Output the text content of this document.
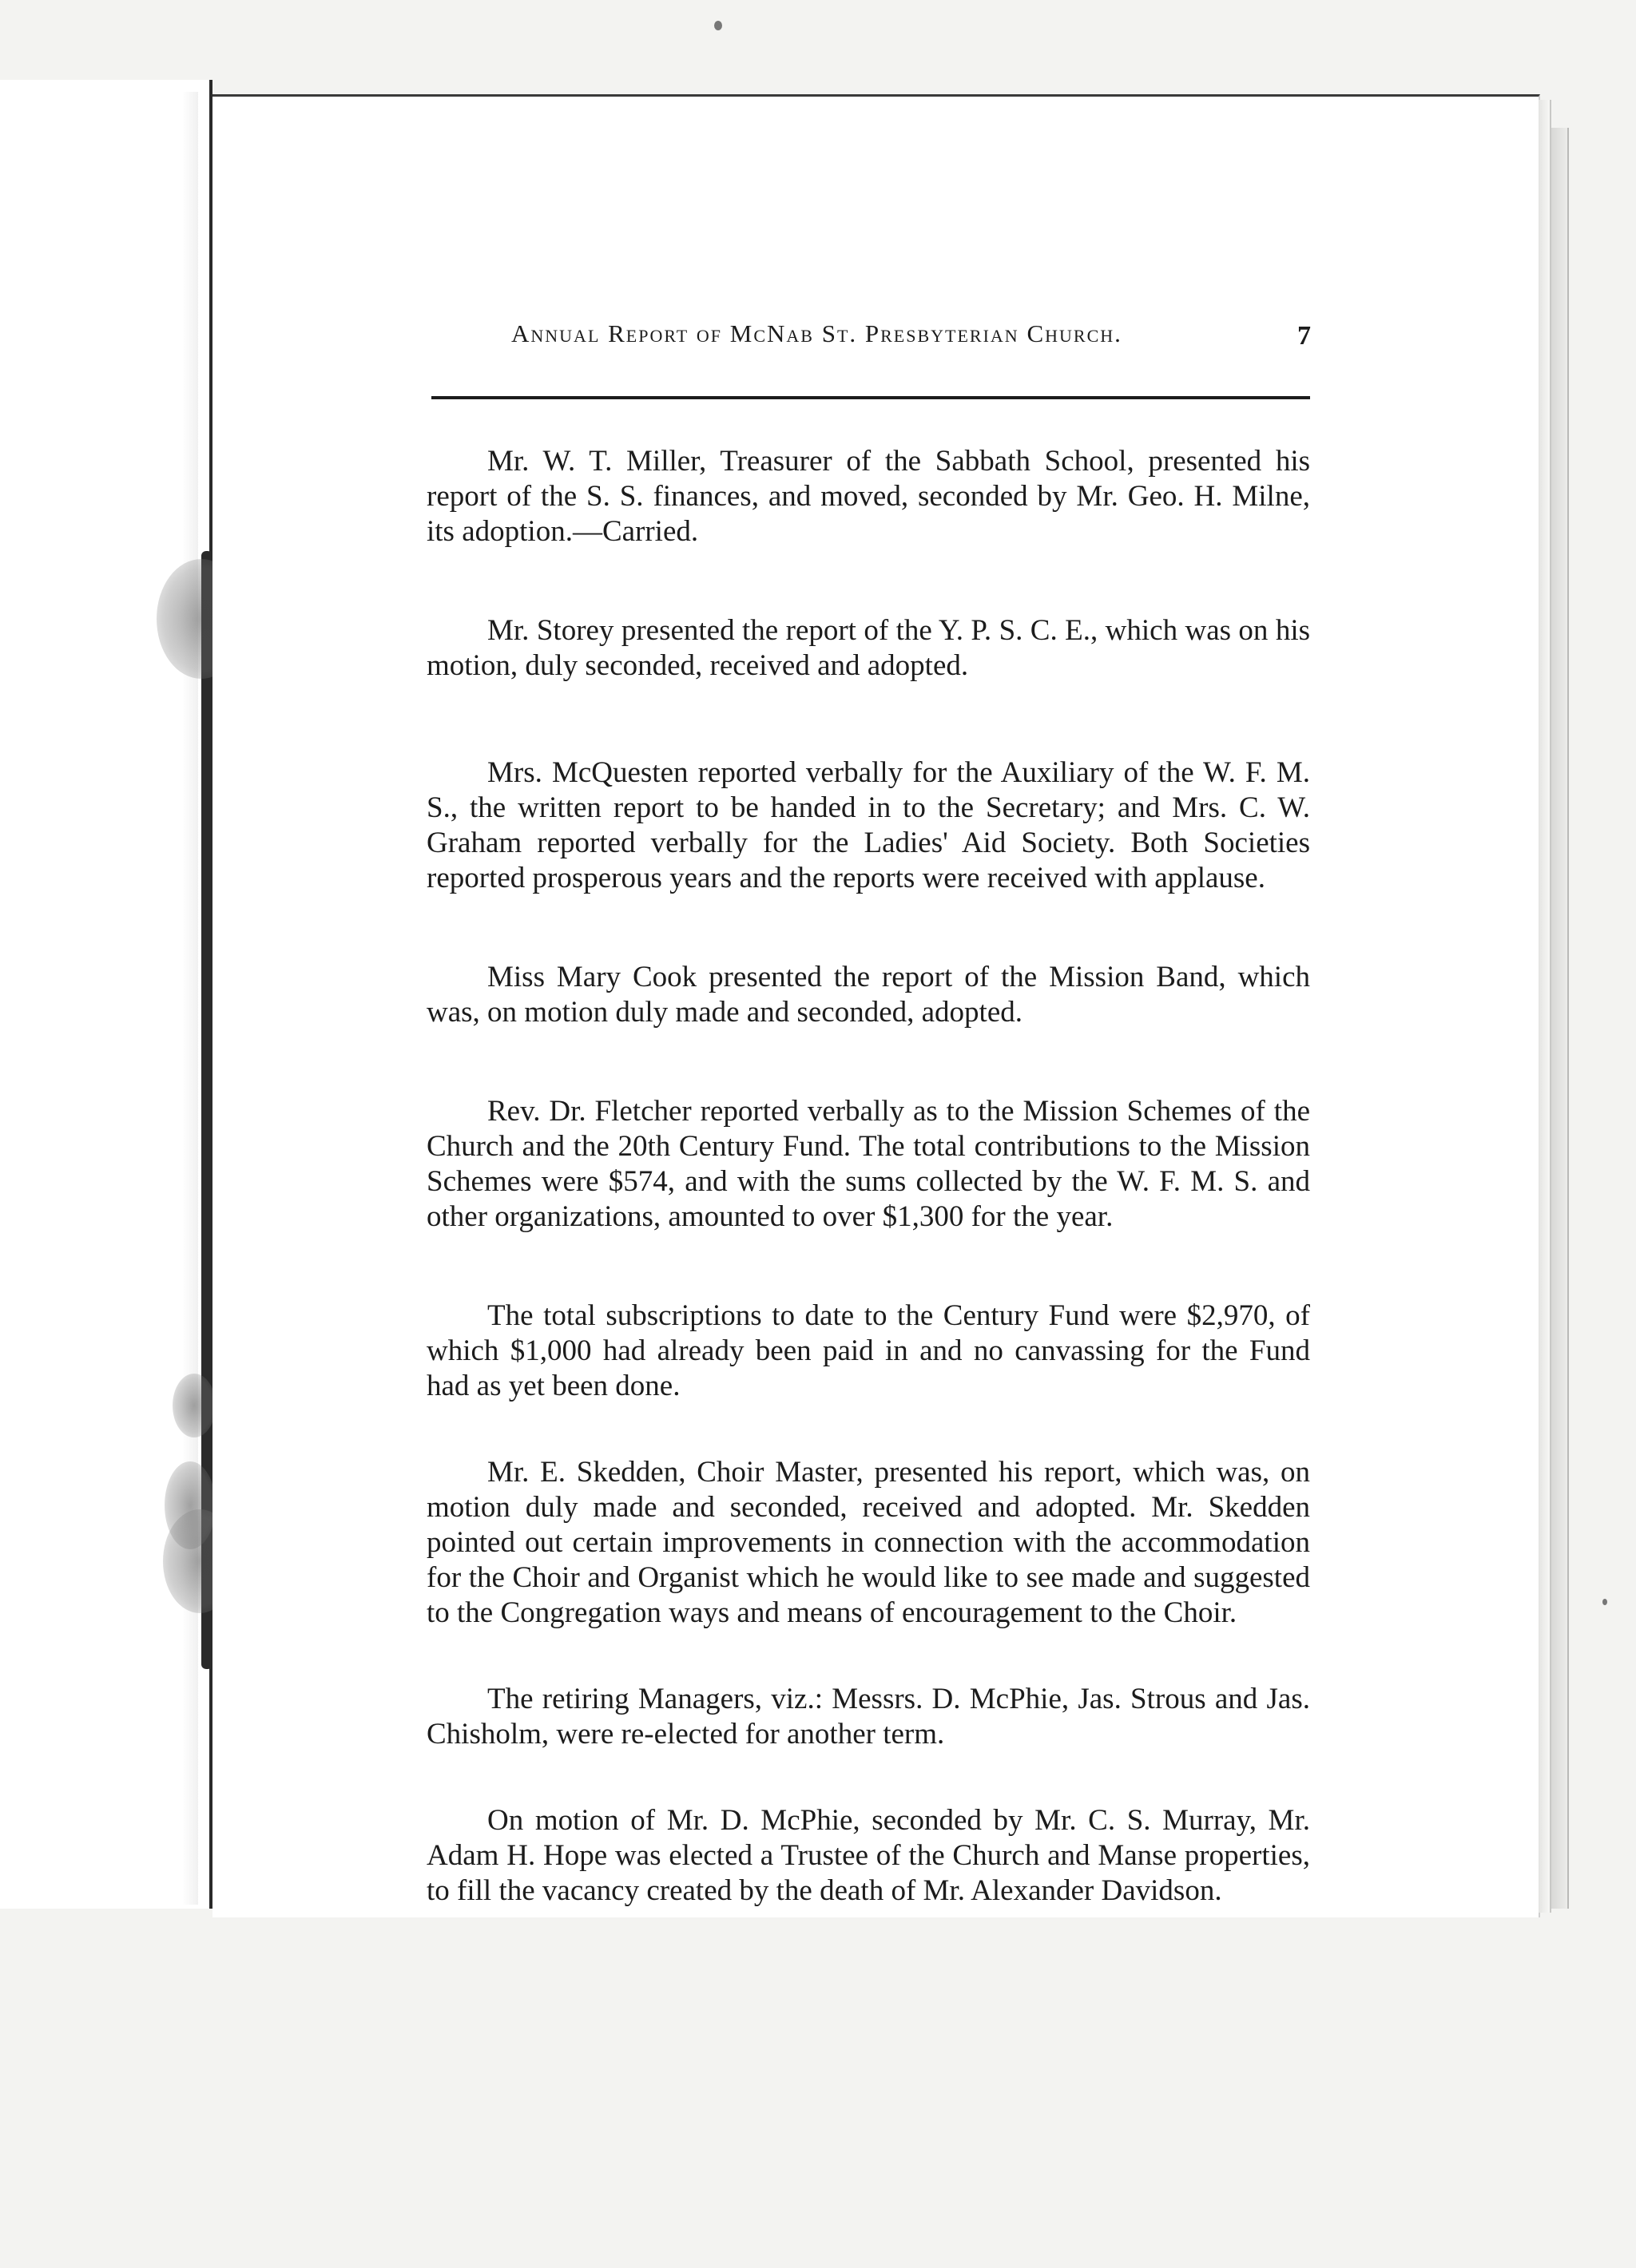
Annual Report of McNab St. Presbyterian Church.	7

Mr. W. T. Miller, Treasurer of the Sabbath School, presented his report of the S. S. finances, and moved, seconded by Mr. Geo. H. Milne, its adoption.—Carried.

Mr. Storey presented the report of the Y. P. S. C. E., which was on his motion, duly seconded, received and adopted.

Mrs. McQuesten reported verbally for the Auxiliary of the W. F. M. S., the written report to be handed in to the Secretary; and Mrs. C. W. Graham reported verbally for the Ladies' Aid Society. Both Societies reported prosperous years and the reports were received with applause.

Miss Mary Cook presented the report of the Mission Band, which was, on motion duly made and seconded, adopted.

Rev. Dr. Fletcher reported verbally as to the Mission Schemes of the Church and the 20th Century Fund. The total contributions to the Mission Schemes were $574, and with the sums collected by the W. F. M. S. and other organizations, amounted to over $1,300 for the year.

The total subscriptions to date to the Century Fund were $2,970, of which $1,000 had already been paid in and no canvassing for the Fund had as yet been done.

Mr. E. Skedden, Choir Master, presented his report, which was, on motion duly made and seconded, received and adopted. Mr. Skedden pointed out certain improvements in connection with the accommodation for the Choir and Organist which he would like to see made and suggested to the Congregation ways and means of encouragement to the Choir.

The retiring Managers, viz.: Messrs. D. McPhie, Jas. Strous and Jas. Chisholm, were re-elected for another term.

On motion of Mr. D. McPhie, seconded by Mr. C. S. Murray, Mr. Adam H. Hope was elected a Trustee of the Church and Manse properties, to fill the vacancy created by the death of Mr. Alexander Davidson.
